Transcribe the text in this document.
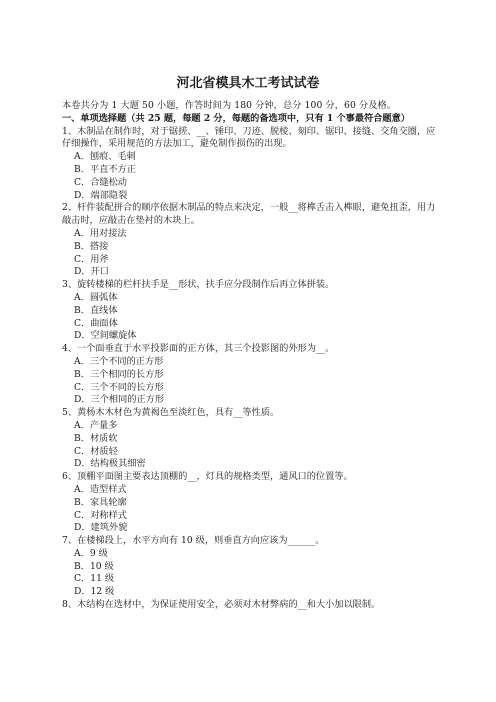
河北省模具木工考试试卷

本卷共分为 1 大题 50 小题，作答时间为 180 分钟，总分 100 分，60 分及格。

一、单项选择题（共 25 题，每题 2 分，每题的备选项中，只有 1 个事最符合题意）

1、木制品在制作时，对于锯搓、__、锤印、刀迹、脱棱、刻印、锯印、接缝、交角交圈，应仔细操作，采用规范的方法加工，避免制作损伤的出现。

A．刨痕、毛刺

B．平直不方正

C．合缝松动

D．端部隐裂

2、杆件装配拼合的顺序依据木制品的特点来决定，一般__将榫舌击入榫眼，避免扭歪，用力敲击时，应敲击在垫衬的木块上。

A．用对接法

B．搭接

C．用斧

D．开口

3、旋转楼梯的栏杆扶手是__形状，扶手应分段制作后再立体拼装。

A．圆弧体

B．直线体

C．曲面体

D．空间螺旋体

4、一个面垂直于水平投影面的正方体，其三个投影图的外形为__。

A．三个不同的正方形

B．三个相同的长方形

C．三个不同的长方形

D．三个相同的正方形

5、黄杨木木材色为黄褐色至淡红色，具有__等性质。

A．产量多

B．材质软

C．材质轻

D．结构极其细密

6、顶棚平面图主要表达顶棚的__，灯具的规格类型，通风口的位置等。

A．造型样式

B．家具轮廓

C．对称样式

D．建筑外貌

7、在楼梯段上，水平方向有 10 级，则垂直方向应该为______。

A．9 级

B．10 级

C．11 级

D．12 级

8、木结构在选材中，为保证使用安全，必须对木材弊病的__和大小加以限制。
